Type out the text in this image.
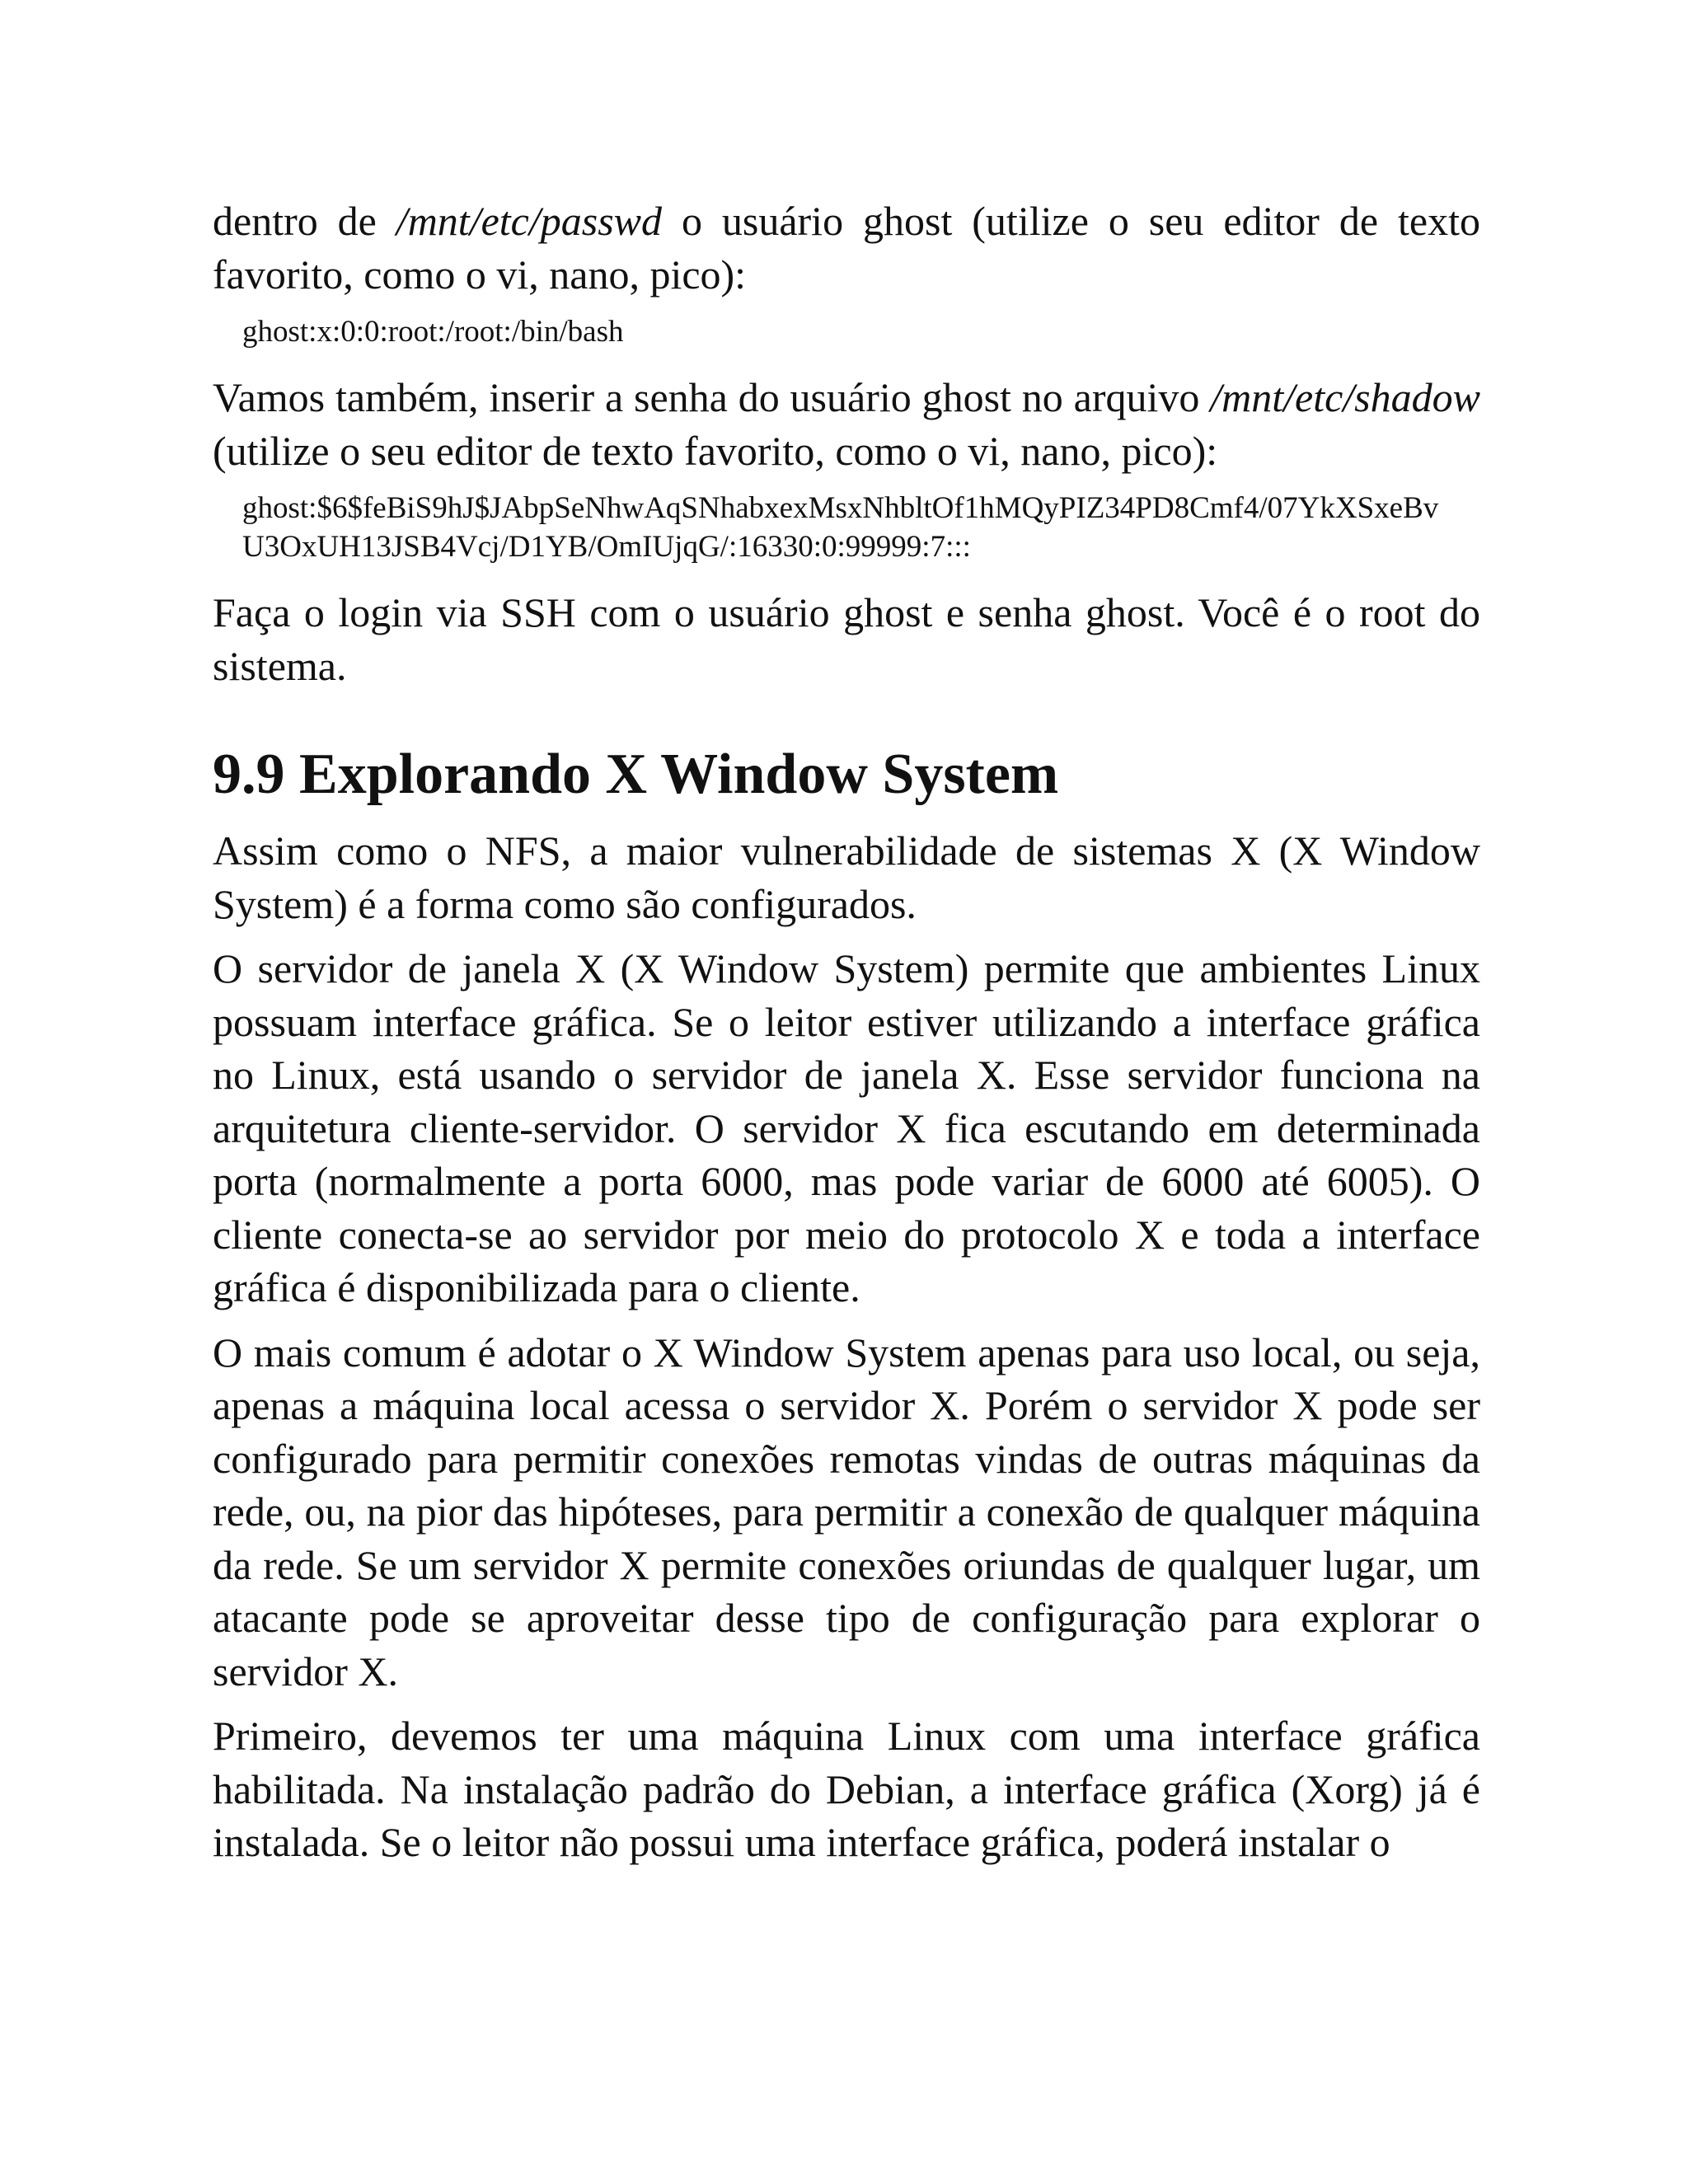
dentro de /mnt/etc/passwd o usuário ghost (utilize o seu editor de texto favorito, como o vi, nano, pico):

ghost:x:0:0:root:/root:/bin/bash

Vamos também, inserir a senha do usuário ghost no arquivo /mnt/etc/shadow (utilize o seu editor de texto favorito, como o vi, nano, pico):

ghost:$6$feBiS9hJ$JAbpSeNhwAqSNhabxexMsxNhbltOf1hMQyPIZ34PD8Cmf4/07YkXSxeBv
U3OxUH13JSB4Vcj/D1YB/OmIUjqG/:16330:0:99999:7:::

Faça o login via SSH com o usuário ghost e senha ghost. Você é o root do sistema.

9.9 Explorando X Window System

Assim como o NFS, a maior vulnerabilidade de sistemas X (X Window System) é a forma como são configurados.

O servidor de janela X (X Window System) permite que ambientes Linux possuam interface gráfica. Se o leitor estiver utilizando a interface gráfica no Linux, está usando o servidor de janela X. Esse servidor funciona na arquitetura cliente-servidor. O servidor X fica escutando em determinada porta (normalmente a porta 6000, mas pode variar de 6000 até 6005). O cliente conecta-se ao servidor por meio do protocolo X e toda a interface gráfica é disponibilizada para o cliente.

O mais comum é adotar o X Window System apenas para uso local, ou seja, apenas a máquina local acessa o servidor X. Porém o servidor X pode ser configurado para permitir conexões remotas vindas de outras máquinas da rede, ou, na pior das hipóteses, para permitir a conexão de qualquer máquina da rede. Se um servidor X permite conexões oriundas de qualquer lugar, um atacante pode se aproveitar desse tipo de configuração para explorar o servidor X.

Primeiro, devemos ter uma máquina Linux com uma interface gráfica habilitada. Na instalação padrão do Debian, a interface gráfica (Xorg) já é instalada. Se o leitor não possui uma interface gráfica, poderá instalar o
